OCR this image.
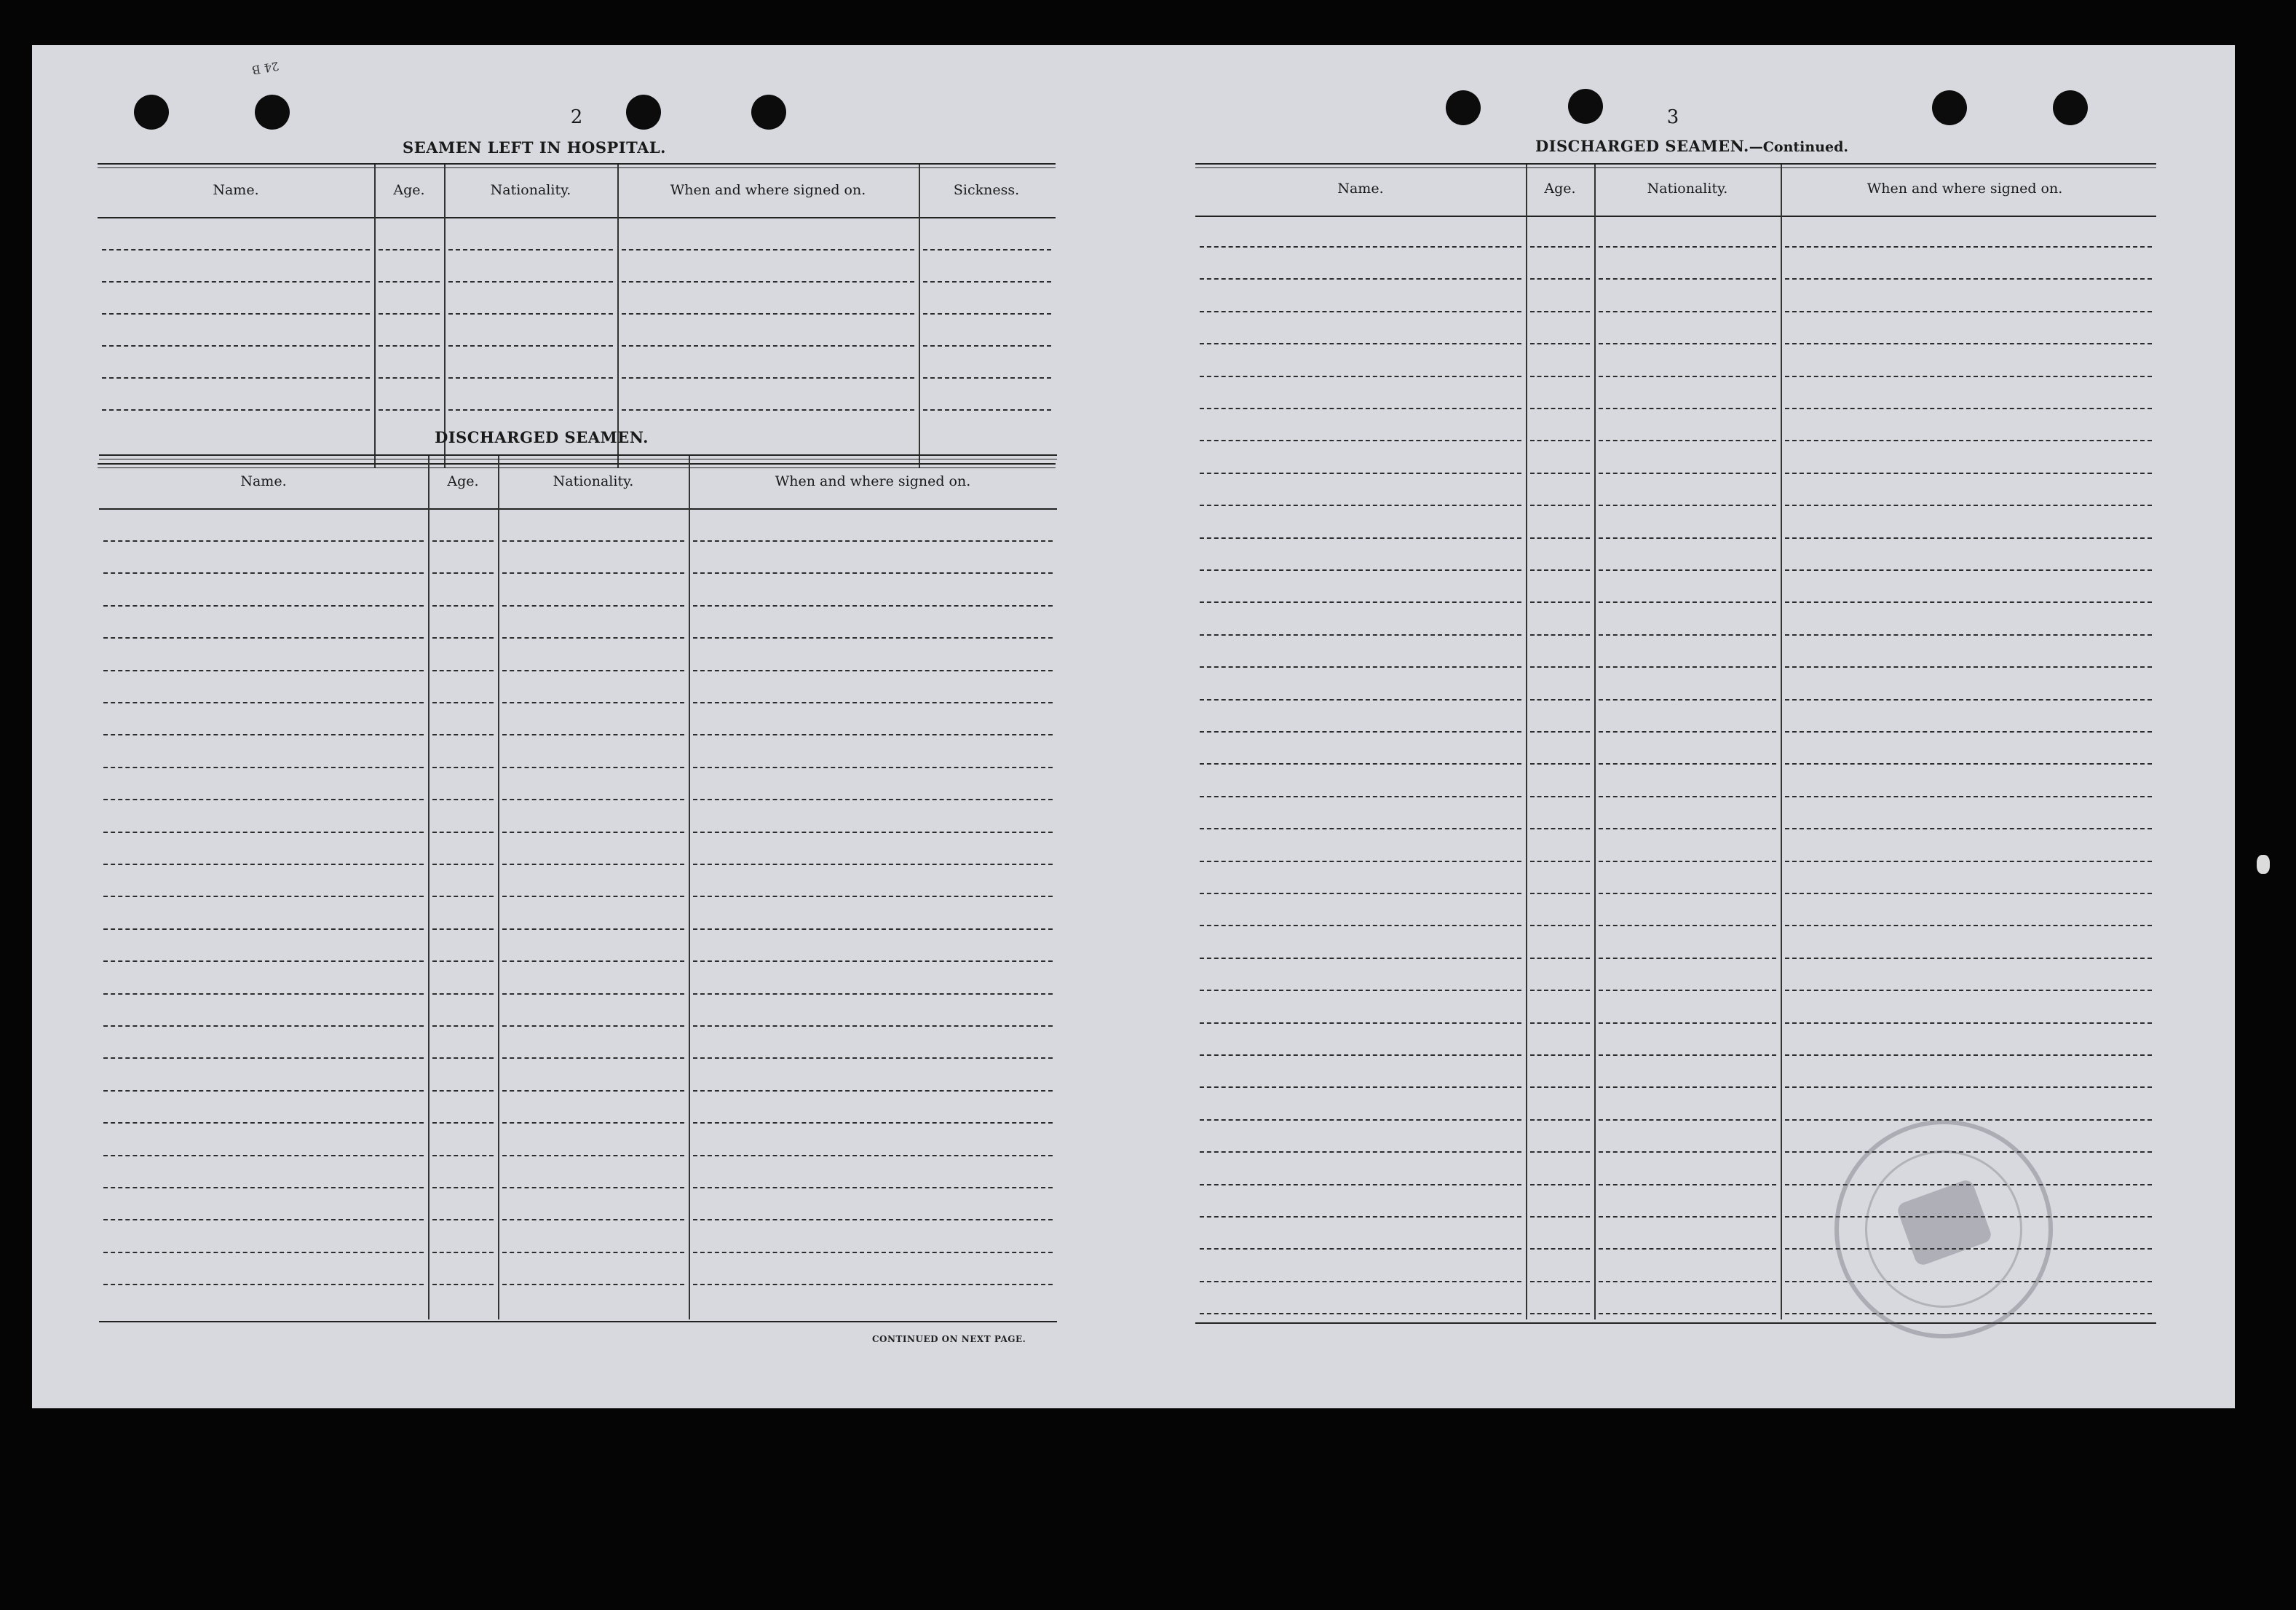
24 B
2
SEAMEN LEFT IN HOSPITAL.
Name.	Age.	Nationality.	When and where signed on.	Sickness.
DISCHARGED SEAMEN.
Name.	Age.	Nationality.	When and where signed on.
CONTINUED ON NEXT PAGE.
3
DISCHARGED SEAMEN.—Continued.
Name.	Age.	Nationality.	When and where signed on.
